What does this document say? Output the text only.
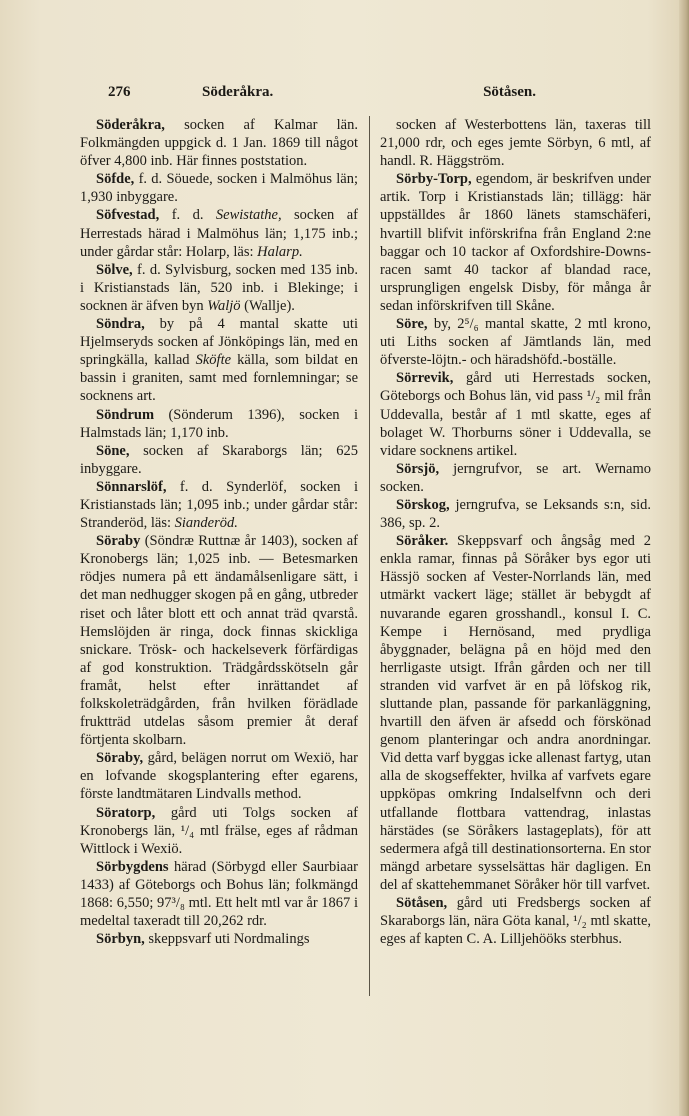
276	Söderåkra.	Sötåsen.

Söderåkra, socken af Kalmar län. Folkmängden uppgick d. 1 Jan. 1869 till något öfver 4,800 inb. Här finnes poststation.

Söfde, f. d. Söuede, socken i Malmöhus län; 1,930 inbyggare.

Söfvestad, f. d. Sewistathe, socken af Herrestads härad i Malmöhus län; 1,175 inb.; under gårdar står: Holarp, läs: Halarp.

Sölve, f. d. Sylvisburg, socken med 135 inb. i Kristianstads län, 520 inb. i Blekinge; i socknen är äfven byn Waljö (Wallje).

Söndra, by på 4 mantal skatte uti Hjelmseryds socken af Jönköpings län, med en springkälla, kallad Sköfte källa, som bildat en bassin i graniten, samt med fornlemningar; se socknens art.

Söndrum (Sönderum 1396), socken i Halmstads län; 1,170 inb.

Söne, socken af Skaraborgs län; 625 inbyggare.

Sönnarslöf, f. d. Synderlöf, socken i Kristianstads län; 1,095 inb.; under gårdar står: Stranderöd, läs: Sianderöd.

Söraby (Söndræ Ruttnæ år 1403), socken af Kronobergs län; 1,025 inb. — Betesmarken rödjes numera på ett ändamålsenligare sätt, i det man nedhugger skogen på en gång, utbreder riset och låter blott ett och annat träd qvarstå. Hemslöjden är ringa, dock finnas skickliga snickare. Trösk- och hackelseverk förfärdigas af god konstruktion. Trädgårdsskötseln går framåt, helst efter inrättandet af folkskoleträdgården, från hvilken förädlade fruktträd utdelas såsom premier åt deraf förtjenta skolbarn.

Söraby, gård, belägen norrut om Wexiö, har en lofvande skogsplantering efter egarens, förste landtmätaren Lindvalls method.

Söratorp, gård uti Tolgs socken af Kronobergs län, ¹/₄ mtl frälse, eges af rådman Wittlock i Wexiö.

Sörbygdens härad (Sörbygd eller Saurbiaar 1433) af Göteborgs och Bohus län; folkmängd 1868: 6,550; 97³/₈ mtl. Ett helt mtl var år 1867 i medeltal taxeradt till 20,262 rdr.

Sörbyn, skeppsvarf uti Nordmalings

socken af Westerbottens län, taxeras till 21,000 rdr, och eges jemte Sörbyn, 6 mtl, af handl. R. Häggström.

Sörby-Torp, egendom, är beskrifven under artik. Torp i Kristianstads län; tillägg: här uppställdes år 1860 länets stamschäferi, hvartill blifvit införskrifna från England 2:ne baggar och 10 tackor af Oxfordshire-Downs-racen samt 40 tackor af blandad race, ursprungligen engelsk Disby, för många år sedan införskrifven till Skåne.

Söre, by, 2⁵/₆ mantal skatte, 2 mtl krono, uti Liths socken af Jämtlands län, med öfverste-löjtn.- och häradshöfd.-boställe.

Sörrevik, gård uti Herrestads socken, Göteborgs och Bohus län, vid pass ¹/₂ mil från Uddevalla, består af 1 mtl skatte, eges af bolaget W. Thorburns söner i Uddevalla, se vidare socknens artikel.

Sörsjö, jerngrufvor, se art. Wernamo socken.

Sörskog, jerngrufva, se Leksands s:n, sid. 386, sp. 2.

Söråker. Skeppsvarf och ångsåg med 2 enkla ramar, finnas på Söråker bys egor uti Hässjö socken af Vester-Norrlands län, med utmärkt vackert läge; stället är bebygdt af nuvarande egaren grosshandl., konsul I. C. Kempe i Hernösand, med prydliga åbyggnader, belägna på en höjd med den herrligaste utsigt. Ifrån gården och ner till stranden vid varfvet är en på löfskog rik, sluttande plan, passande för parkanläggning, hvartill den äfven är afsedd och förskönad genom planteringar och andra anordningar. Vid detta varf byggas icke allenast fartyg, utan alla de skogseffekter, hvilka af varfvets egare uppköpas omkring Indalselfvnn och deri utfallande flottbara vattendrag, inlastas härstädes (se Söråkers lastageplats), för att sedermera afgå till destinationsorterna. En stor mängd arbetare sysselsättas här dagligen. En del af skattehemmanet Söråker hör till varfvet.

Sötåsen, gård uti Fredsbergs socken af Skaraborgs län, nära Göta kanal, ¹/₂ mtl skatte, eges af kapten C. A. Lilljehööks sterbhus.
